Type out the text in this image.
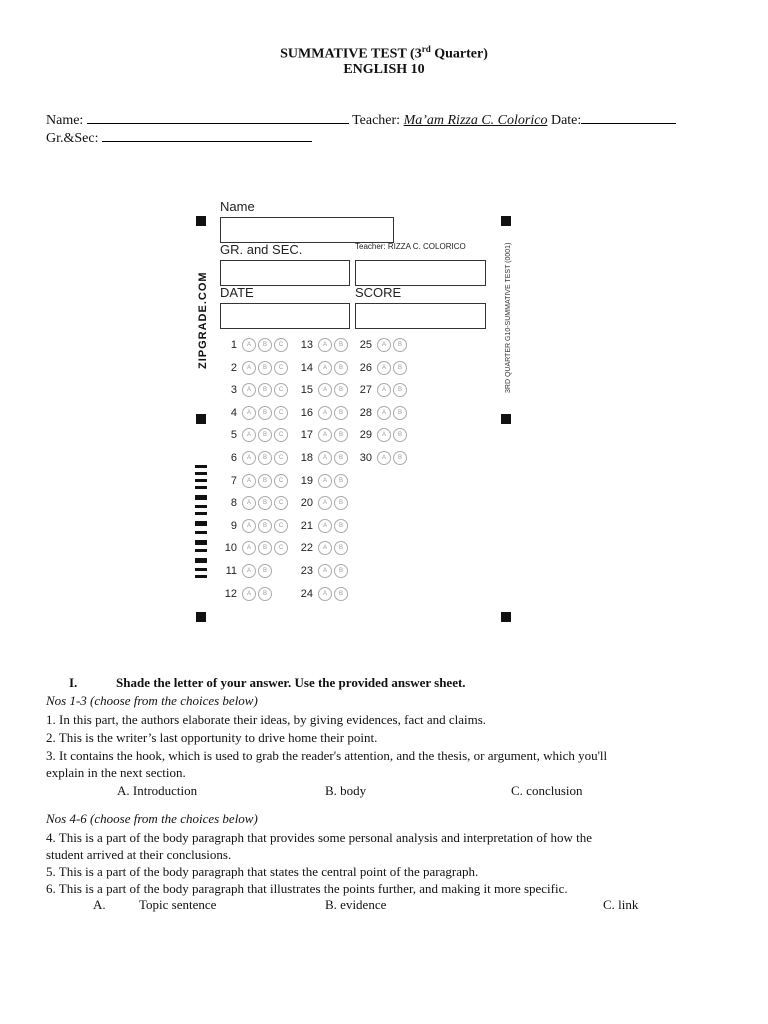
SUMMATIVE TEST (3rd Quarter)
ENGLISH 10
Name:	Teacher: Ma’am Rizza C. Colorico Date:
Gr.&Sec:
ZIPGRADE.COM	3RD QUARTER G10-SUMMATIVE TEST (0001)
Name
GR. and SEC.	Teacher: RIZZA C. COLORICO
DATE	SCORE
1 A B C
2 A B C
3 A B C
4 A B C
5 A B C
6 A B C
7 A B C
8 A B C
9 A B C
10 A B C
11 A B
12 A B
13 A B
14 A B
15 A B
16 A B
17 A B
18 A B
19 A B
20 A B
21 A B
22 A B
23 A B
24 A B
25 A B
26 A B
27 A B
28 A B
29 A B
30 A B
I.	Shade the letter of your answer. Use the provided answer sheet.
Nos 1-3 (choose from the choices below)
1. In this part, the authors elaborate their ideas, by giving evidences, fact and claims.
2. This is the writer’s last opportunity to drive home their point.
3. It contains the hook, which is used to grab the reader's attention, and the thesis, or argument, which you'll
explain in the next section.
A. Introduction	B. body	C. conclusion
Nos 4-6 (choose from the choices below)
4. This is a part of the body paragraph that provides some personal analysis and interpretation of how the
student arrived at their conclusions.
5. This is a part of the body paragraph that states the central point of the paragraph.
6. This is a part of the body paragraph that illustrates the points further, and making it more specific.
A.	Topic sentence	B. evidence	C. link
